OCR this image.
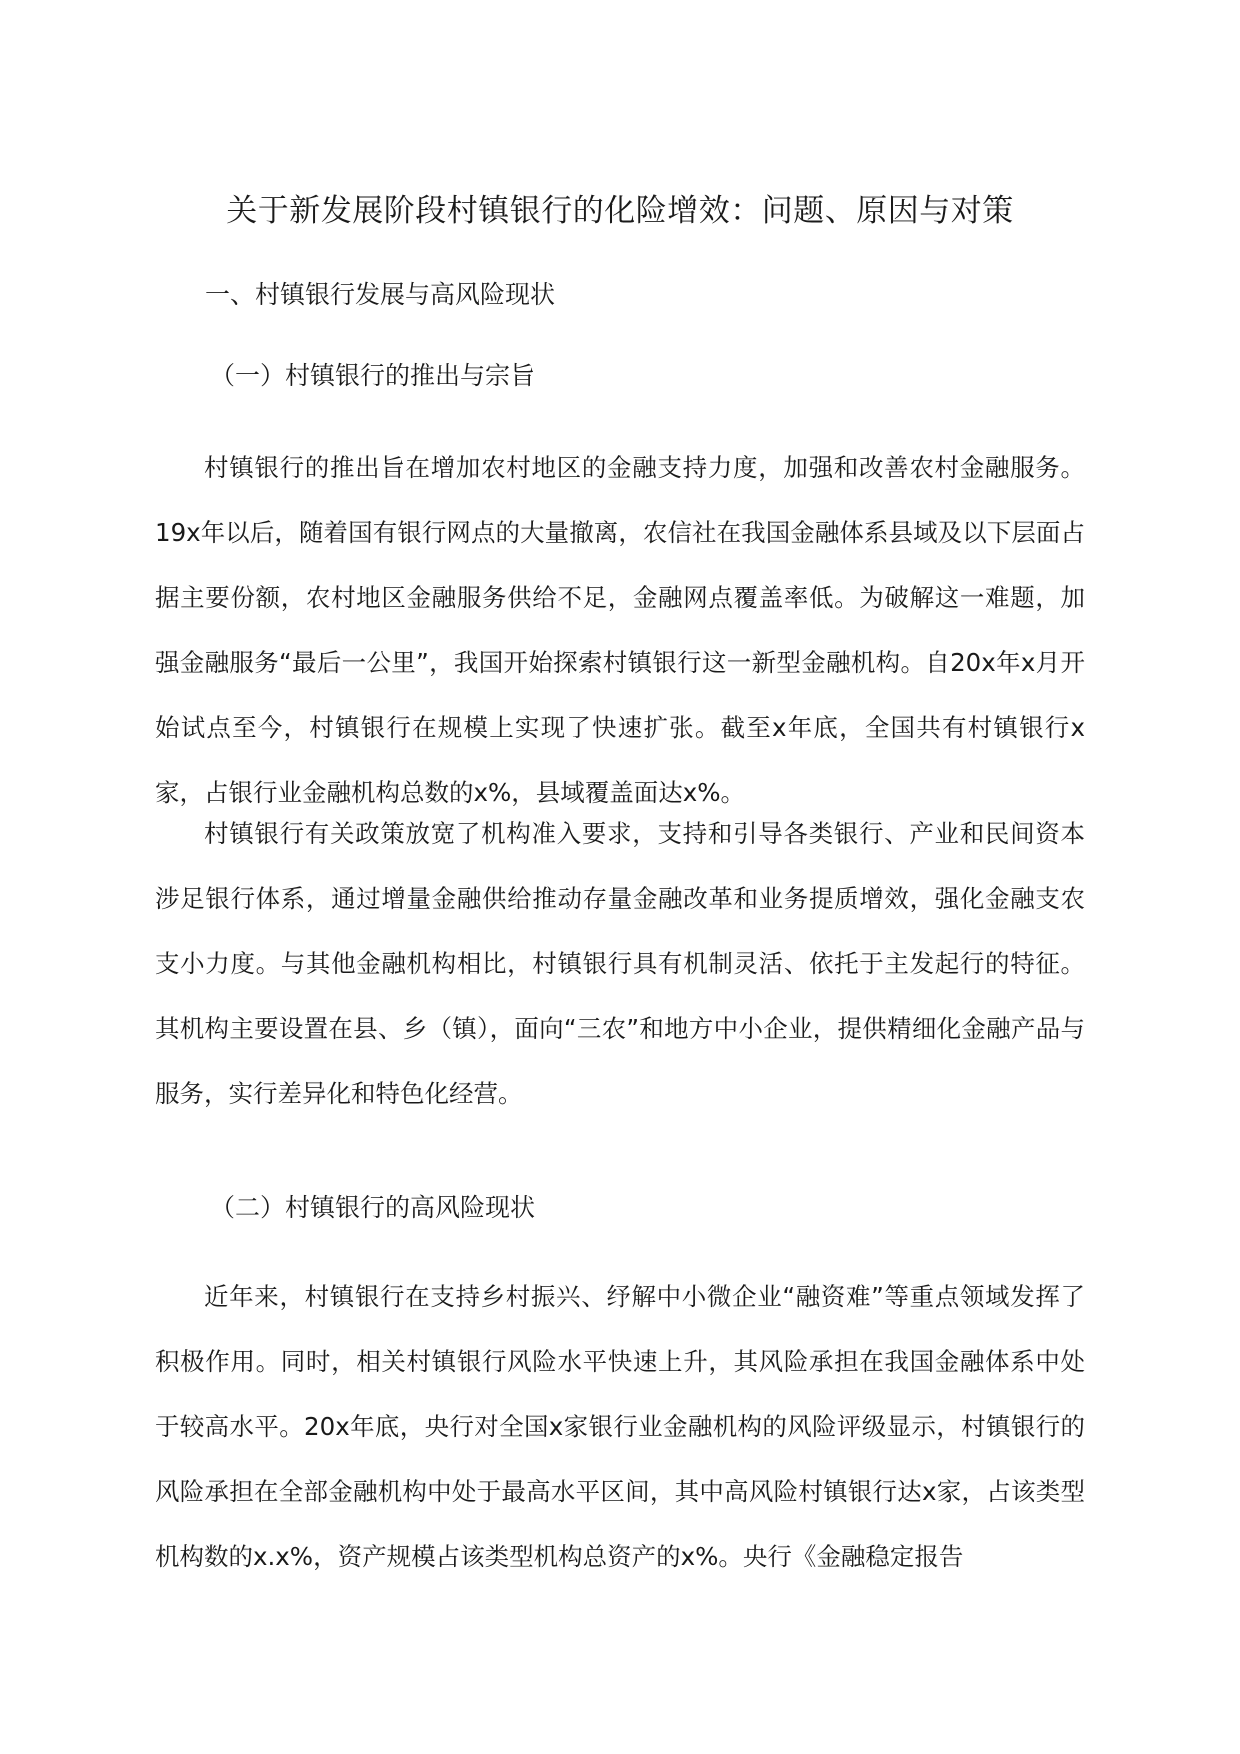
关于新发展阶段村镇银行的化险增效：问题、原因与对策
一、村镇银行发展与高风险现状
（一）村镇银行的推出与宗旨

村镇银行的推出旨在增加农村地区的金融支持力度，加强和改善农村金融服务。19x年以后，随着国有银行网点的大量撤离，农信社在我国金融体系县域及以下层面占据主要份额，农村地区金融服务供给不足，金融网点覆盖率低。为破解这一难题，加强金融服务“最后一公里”，我国开始探索村镇银行这一新型金融机构。自20x年x月开始试点至今，村镇银行在规模上实现了快速扩张。截至x年底，全国共有村镇银行x家，占银行业金融机构总数的x%，县域覆盖面达x%。

村镇银行有关政策放宽了机构准入要求，支持和引导各类银行、产业和民间资本涉足银行体系，通过增量金融供给推动存量金融改革和业务提质增效，强化金融支农支小力度。与其他金融机构相比，村镇银行具有机制灵活、依托于主发起行的特征。其机构主要设置在县、乡（镇），面向“三农”和地方中小企业，提供精细化金融产品与服务，实行差异化和特色化经营。

（二）村镇银行的高风险现状

近年来，村镇银行在支持乡村振兴、纾解中小微企业“融资难”等重点领域发挥了积极作用。同时，相关村镇银行风险水平快速上升，其风险承担在我国金融体系中处于较高水平。20x年底，央行对全国x家银行业金融机构的风险评级显示，村镇银行的风险承担在全部金融机构中处于最高水平区间，其中高风险村镇银行达x家，占该类型机构数的x.x%，资产规模占该类型机构总资产的x%。央行《金融稳定报告
